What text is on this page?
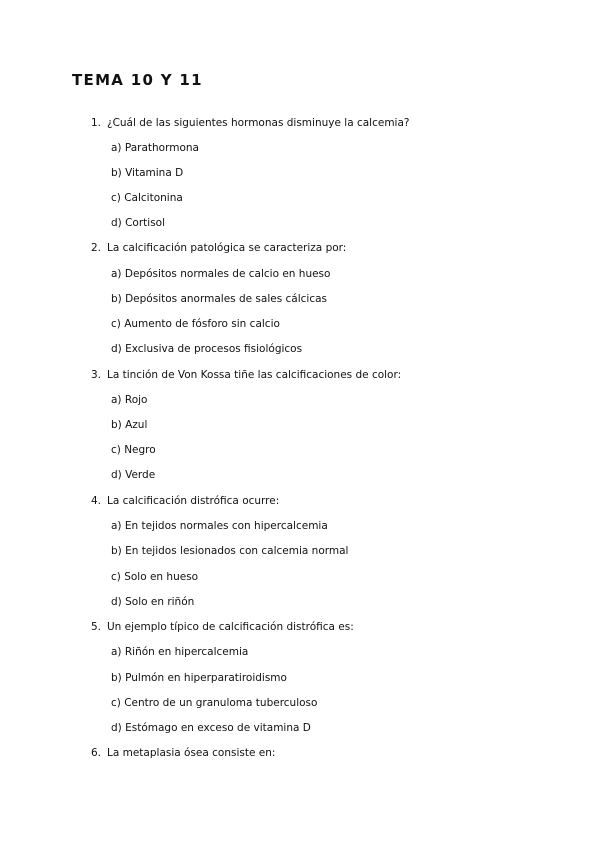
TEMA 10 Y 11
1. ¿Cuál de las siguientes hormonas disminuye la calcemia?
a) Parathormona
b) Vitamina D
c) Calcitonina
d) Cortisol
2. La calcificación patológica se caracteriza por:
a) Depósitos normales de calcio en hueso
b) Depósitos anormales de sales cálcicas
c) Aumento de fósforo sin calcio
d) Exclusiva de procesos fisiológicos
3. La tinción de Von Kossa tiñe las calcificaciones de color:
a) Rojo
b) Azul
c) Negro
d) Verde
4. La calcificación distrófica ocurre:
a) En tejidos normales con hipercalcemia
b) En tejidos lesionados con calcemia normal
c) Solo en hueso
d) Solo en riñón
5. Un ejemplo típico de calcificación distrófica es:
a) Riñón en hipercalcemia
b) Pulmón en hiperparatiroidismo
c) Centro de un granuloma tuberculoso
d) Estómago en exceso de vitamina D
6. La metaplasia ósea consiste en:
